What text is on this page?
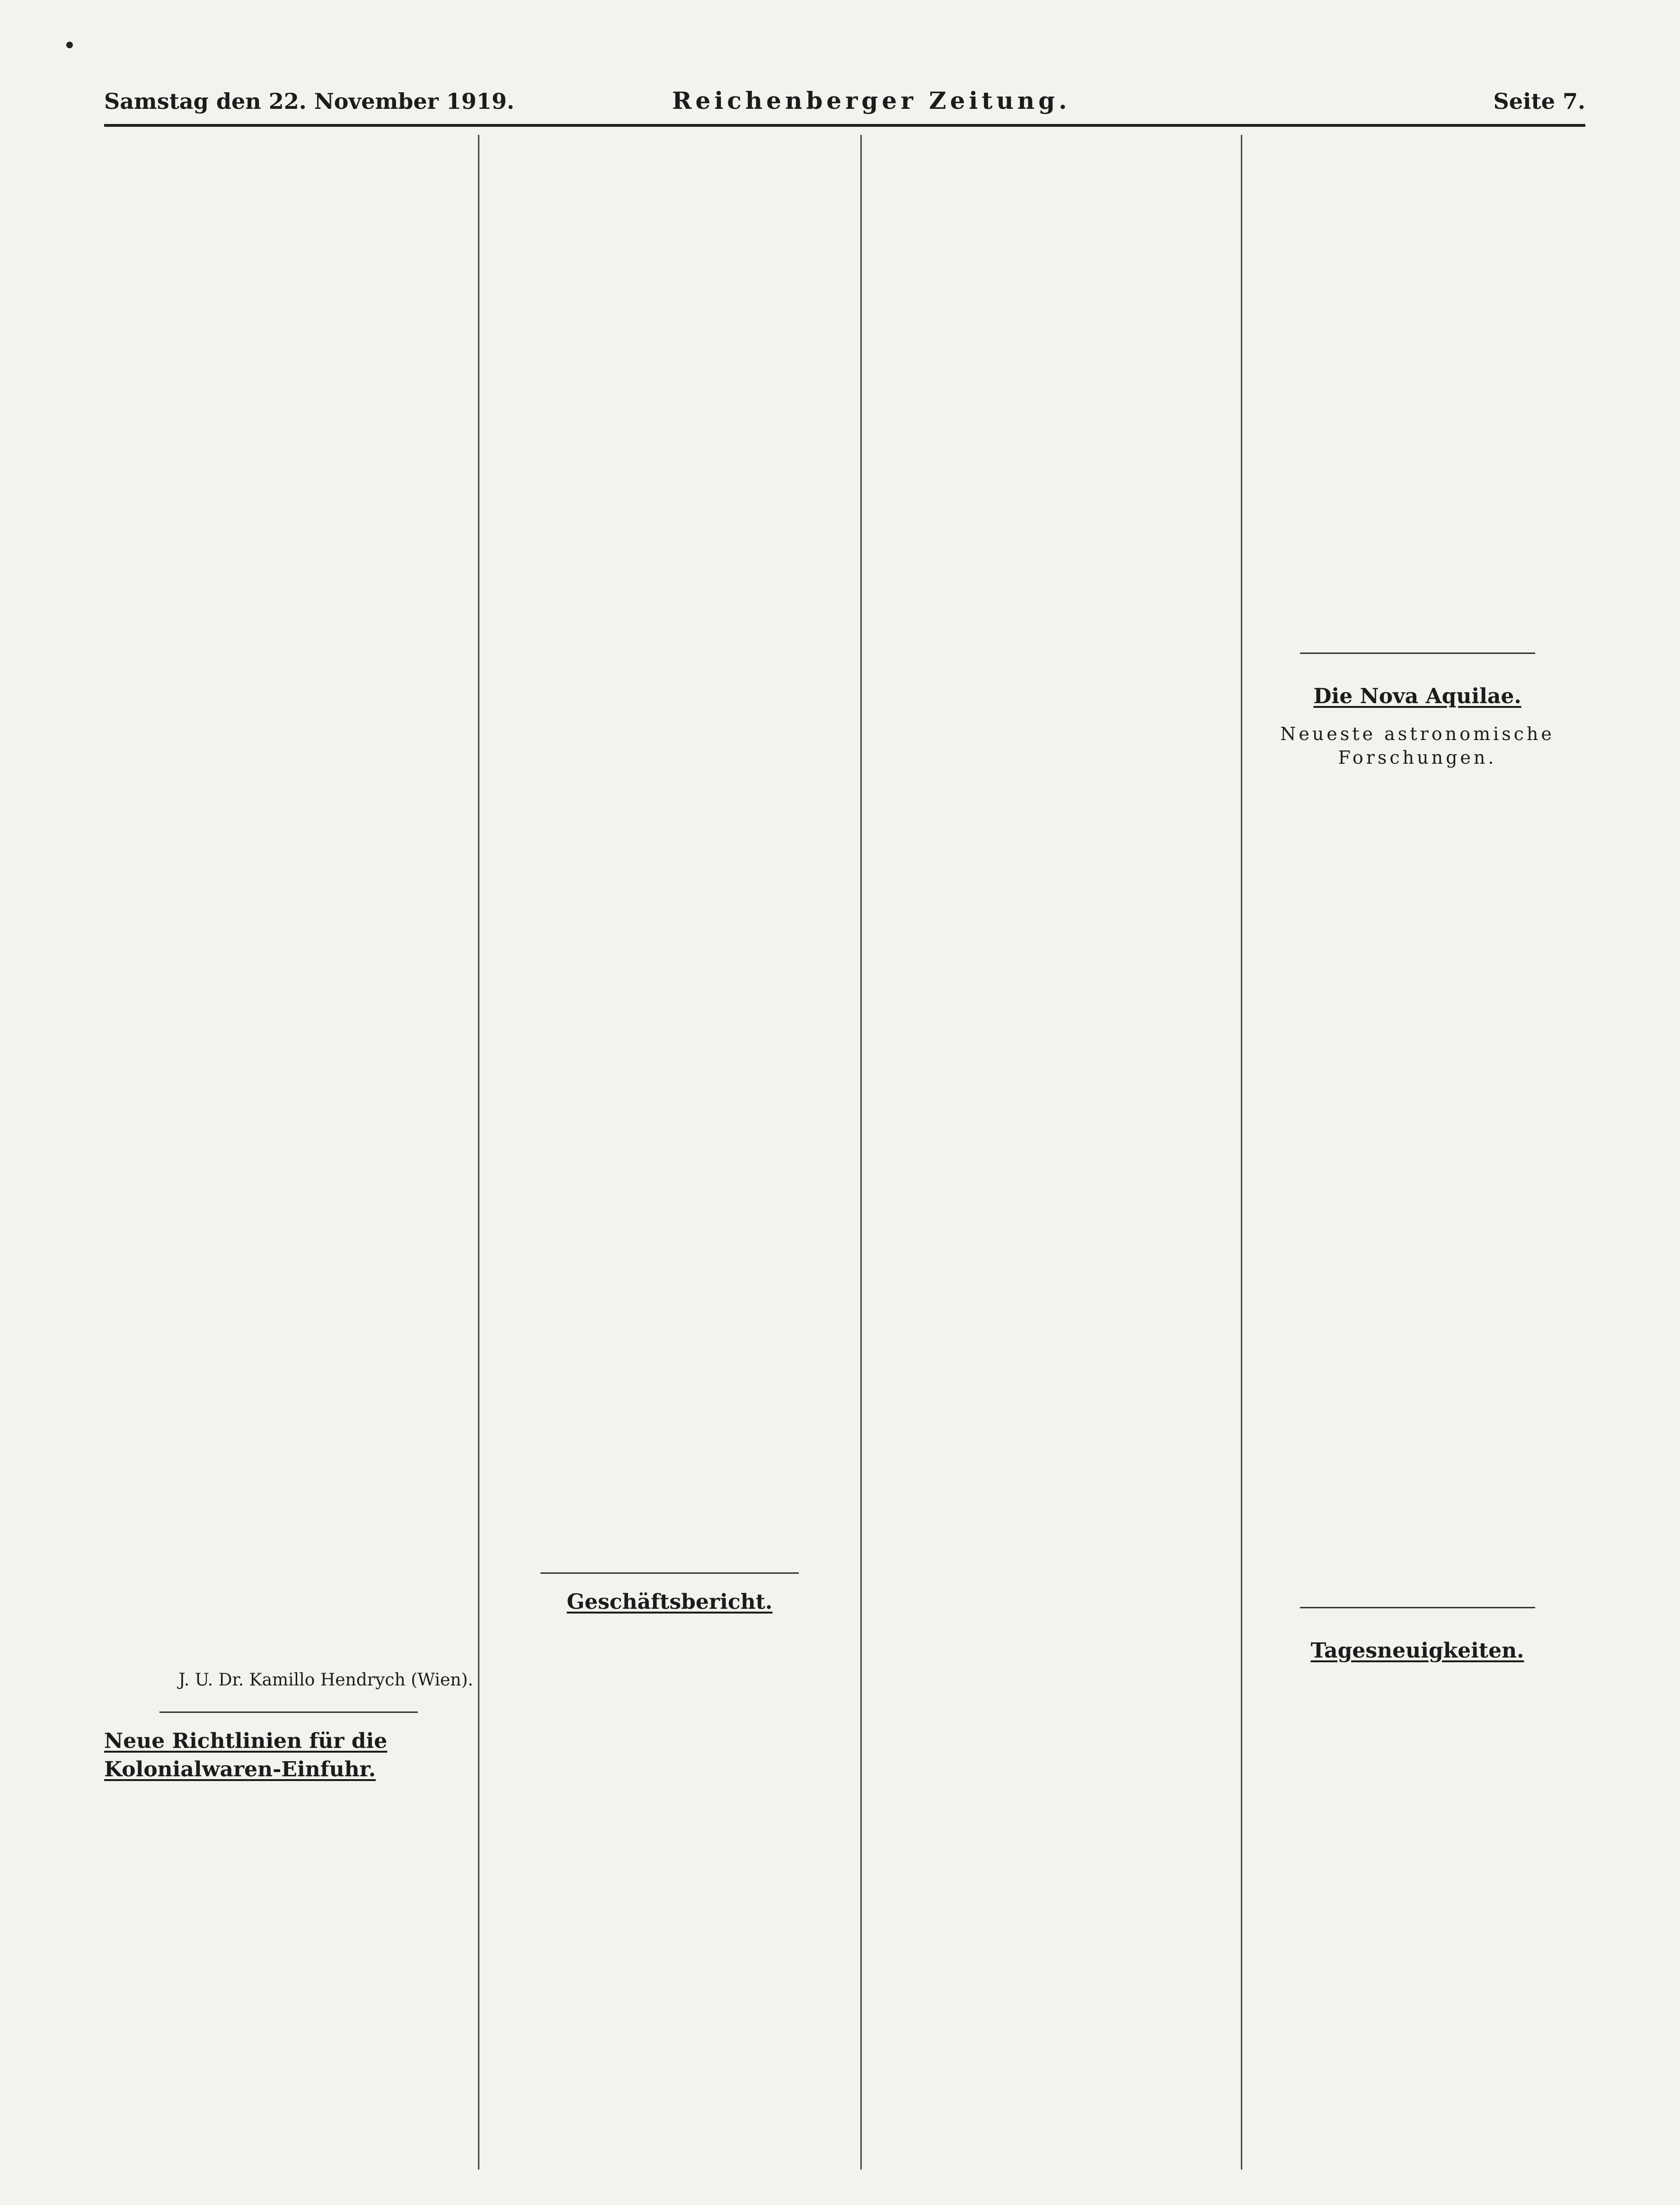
Samstag den 22. November 1919.	Reichenberger Zeitung.	Seite 7.

J. U. Dr. Kamillo Hendrych (Wien).

Neue Richtlinien für die Kolonialwaren-Einfuhr.

Geschäftsbericht.

Die Nova Aquilae.
Neueste astronomische Forschungen.

Tagesneuigkeiten.
